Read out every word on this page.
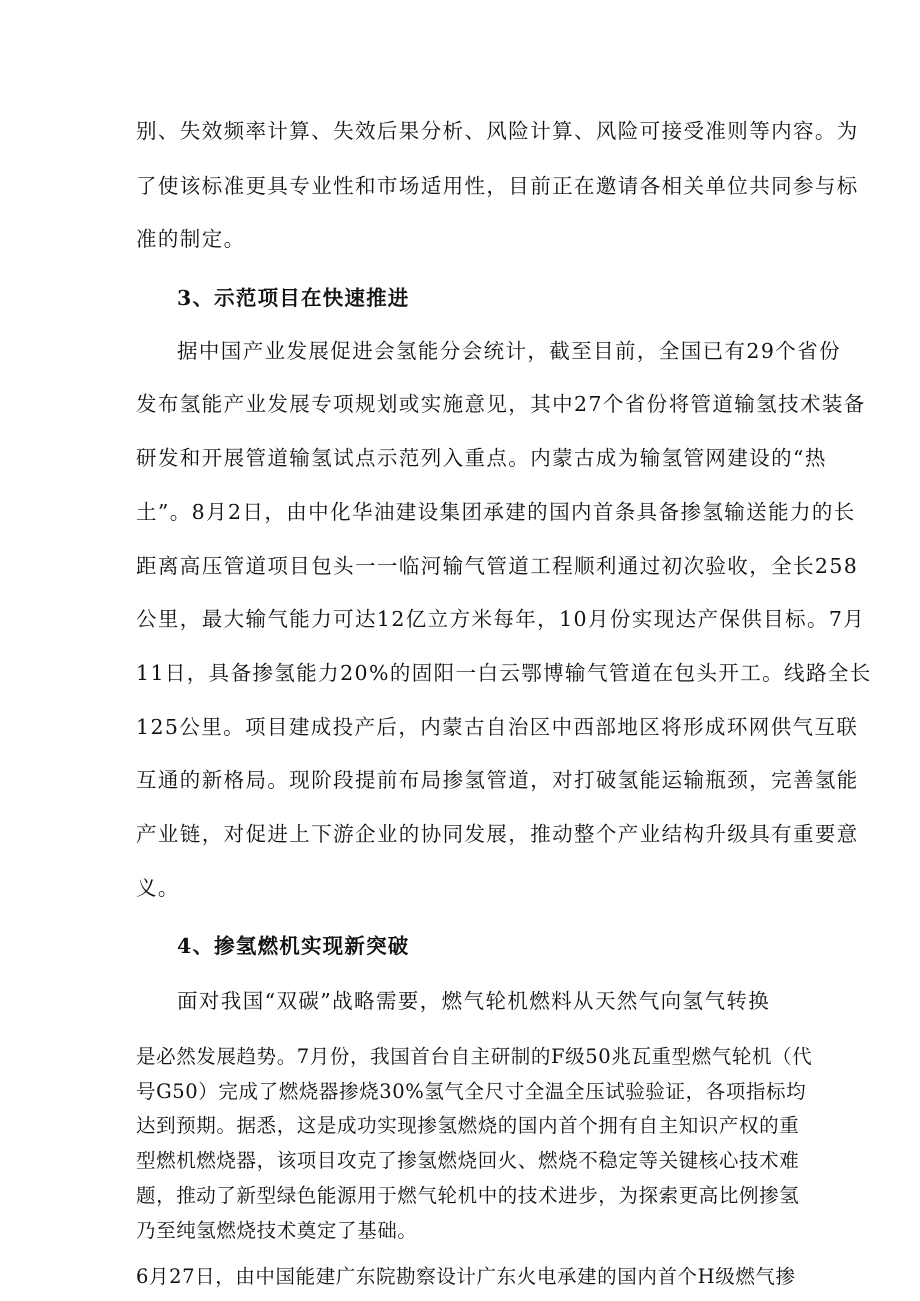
别、失效频率计算、失效后果分析、风险计算、风险可接受准则等内容。为
了使该标准更具专业性和市场适用性，目前正在邀请各相关单位共同参与标
准的制定。
3、示范项目在快速推进
据中国产业发展促进会氢能分会统计，截至目前，全国已有29个省份
发布氢能产业发展专项规划或实施意见，其中27个省份将管道输氢技术装备
研发和开展管道输氢试点示范列入重点。内蒙古成为输氢管网建设的“热
土”。8月2日，由中化华油建设集团承建的国内首条具备掺氢输送能力的长
距离高压管道项目包头一一临河输气管道工程顺利通过初次验收，全长258
公里，最大输气能力可达12亿立方米每年，10月份实现达产保供目标。7月
11日，具备掺氢能力20%的固阳一白云鄂博输气管道在包头开工。线路全长
125公里。项目建成投产后，内蒙古自治区中西部地区将形成环网供气互联
互通的新格局。现阶段提前布局掺氢管道，对打破氢能运输瓶颈，完善氢能
产业链，对促进上下游企业的协同发展，推动整个产业结构升级具有重要意
义。
4、掺氢燃机实现新突破
面对我国“双碳”战略需要，燃气轮机燃料从天然气向氢气转换
是必然发展趋势。7月份，我国首台自主研制的F级50兆瓦重型燃气轮机（代
号G50）完成了燃烧器掺烧30%氢气全尺寸全温全压试验验证，各项指标均
达到预期。据悉，这是成功实现掺氢燃烧的国内首个拥有自主知识产权的重
型燃机燃烧器，该项目攻克了掺氢燃烧回火、燃烧不稳定等关键核心技术难
题，推动了新型绿色能源用于燃气轮机中的技术进步，为探索更高比例掺氢
乃至纯氢燃烧技术奠定了基础。
6月27日，由中国能建广东院勘察设计广东火电承建的国内首个H级燃气掺
